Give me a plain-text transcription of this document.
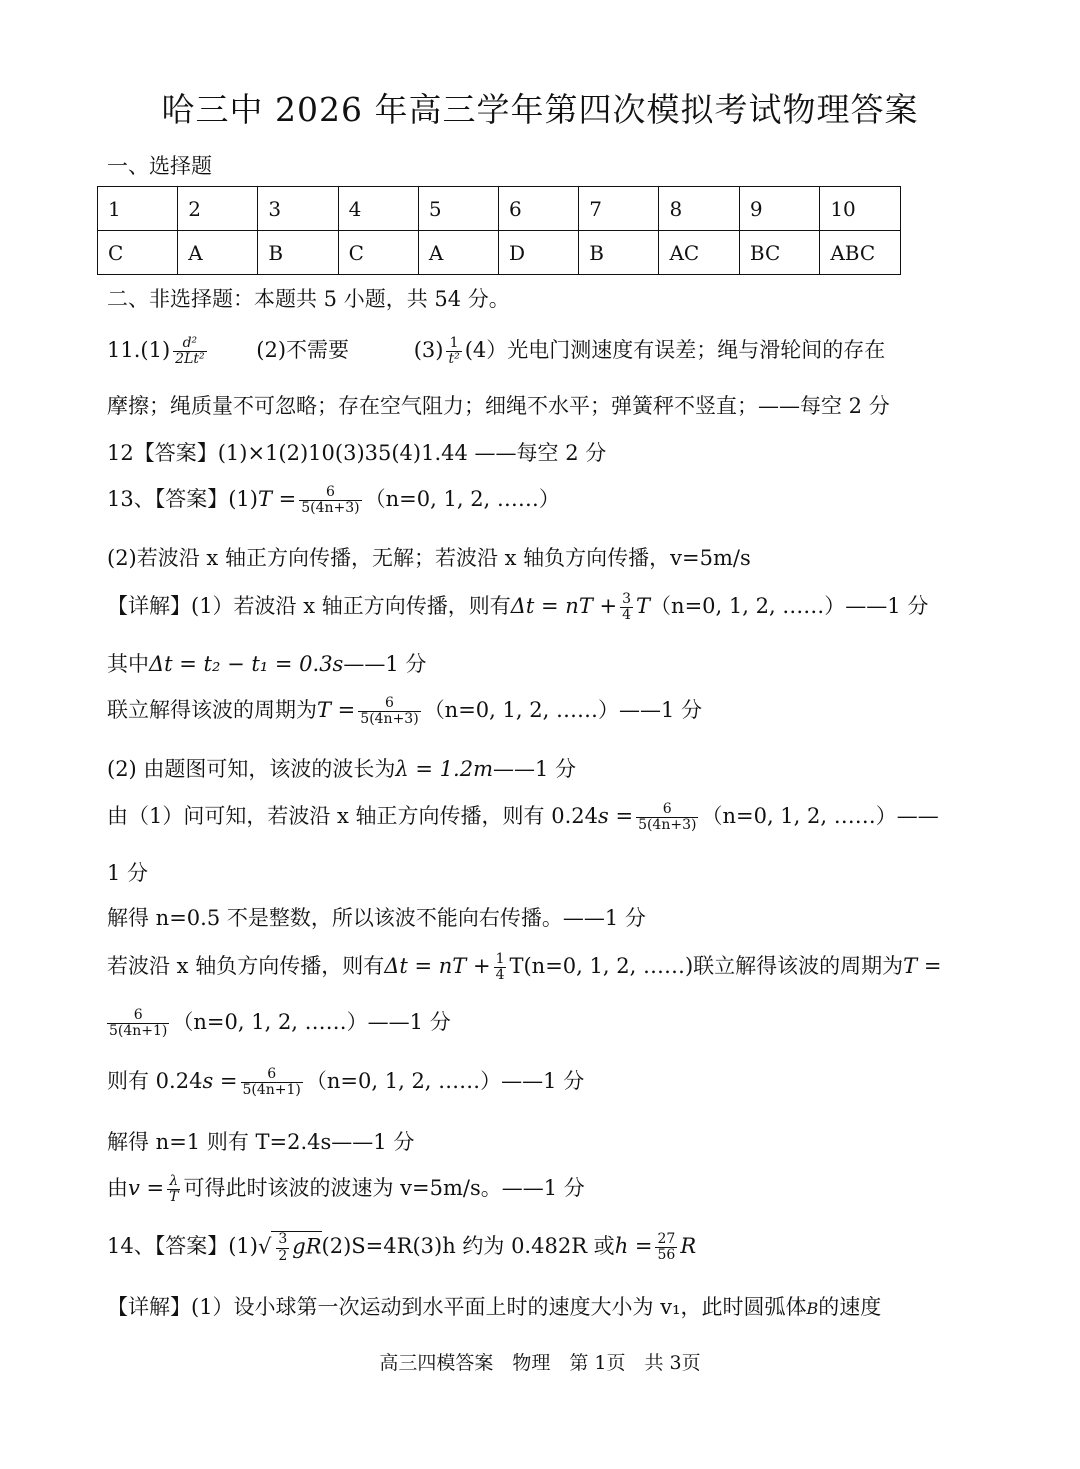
哈三中 2026 年高三学年第四次模拟考试物理答案
一、选择题
1	2	3	4	5	6	7	8	9	10
C	A	B	C	A	D	B	AC	BC	ABC
二、非选择题：本题共 5 小题，共 54 分。
$11.(1) \frac{\text{d²}}{\text{2Lt²}} (2)$不需要	$(3) \frac{1}{\text{t²}} (4)$光电门测速度有误差；绳与滑轮间的存在
摩擦；绳质量不可忽略；存在空气阻力；细绳不水平；弹簧秤不竖直；——每空 2 分
12【答案】(1)×1(2)10(3)35(4)1.44 ——每空 2 分
13、【答案】$(1)T = \frac{6}{5(4n+3)} (n=0$, 1, 2, ……）
(2)若波沿 x 轴正方向传播，无解；若波沿 x 轴负方向传播，v=5m/s
【详解】(1）若波沿 x 轴正方向传播，则有Δt = nT + $\frac{3}{4} T(n=0$, 1, 2, ……）——1 分
其中Δt = t₂ − t₁ = 0.3s——1 分
联立解得该波的周期为$T = \frac{6}{5(4n+3)} (n=0$, 1, 2, ……）——1 分
(2) 由题图可知，该波的波长为λ = 1.2m——1 分
由（1）问可知，若波沿 x 轴正方向传播，则有 $0.24s = \frac{6}{5(4n+3)} (n=0$, 1, 2, ……）——
1 分
解得 n=0.5 不是整数，所以该波不能向右传播。——1 分
若波沿 x 轴负方向传播，则有Δt = nT + $\frac{1}{4} T(n=0$, 1, 2, ……)联立解得该波的周期为T =
$\frac{6}{5(4n+1)} (n=0$, 1, 2, ……）——1 分
则有 $0.24s = \frac{6}{5(4n+1)} (n=0$, 1, 2, ……）——1 分
解得 n=1 则有 T=2.4s——1 分
由$v = \frac{\lambda}{T}$ 可得此时该波的波速为 v=5m/s。——1 分
14、【答案】$(1)√ \frac{3}{2} gR(2)S=4R(3)h$ 约为 0.482R 或$h = \frac{27}{56}$ R
【详解】(1）设小球第一次运动到水平面上时的速度大小为 v₁，此时圆弧体B的速度
高三四模答案　物理　第 1页　共 3页
